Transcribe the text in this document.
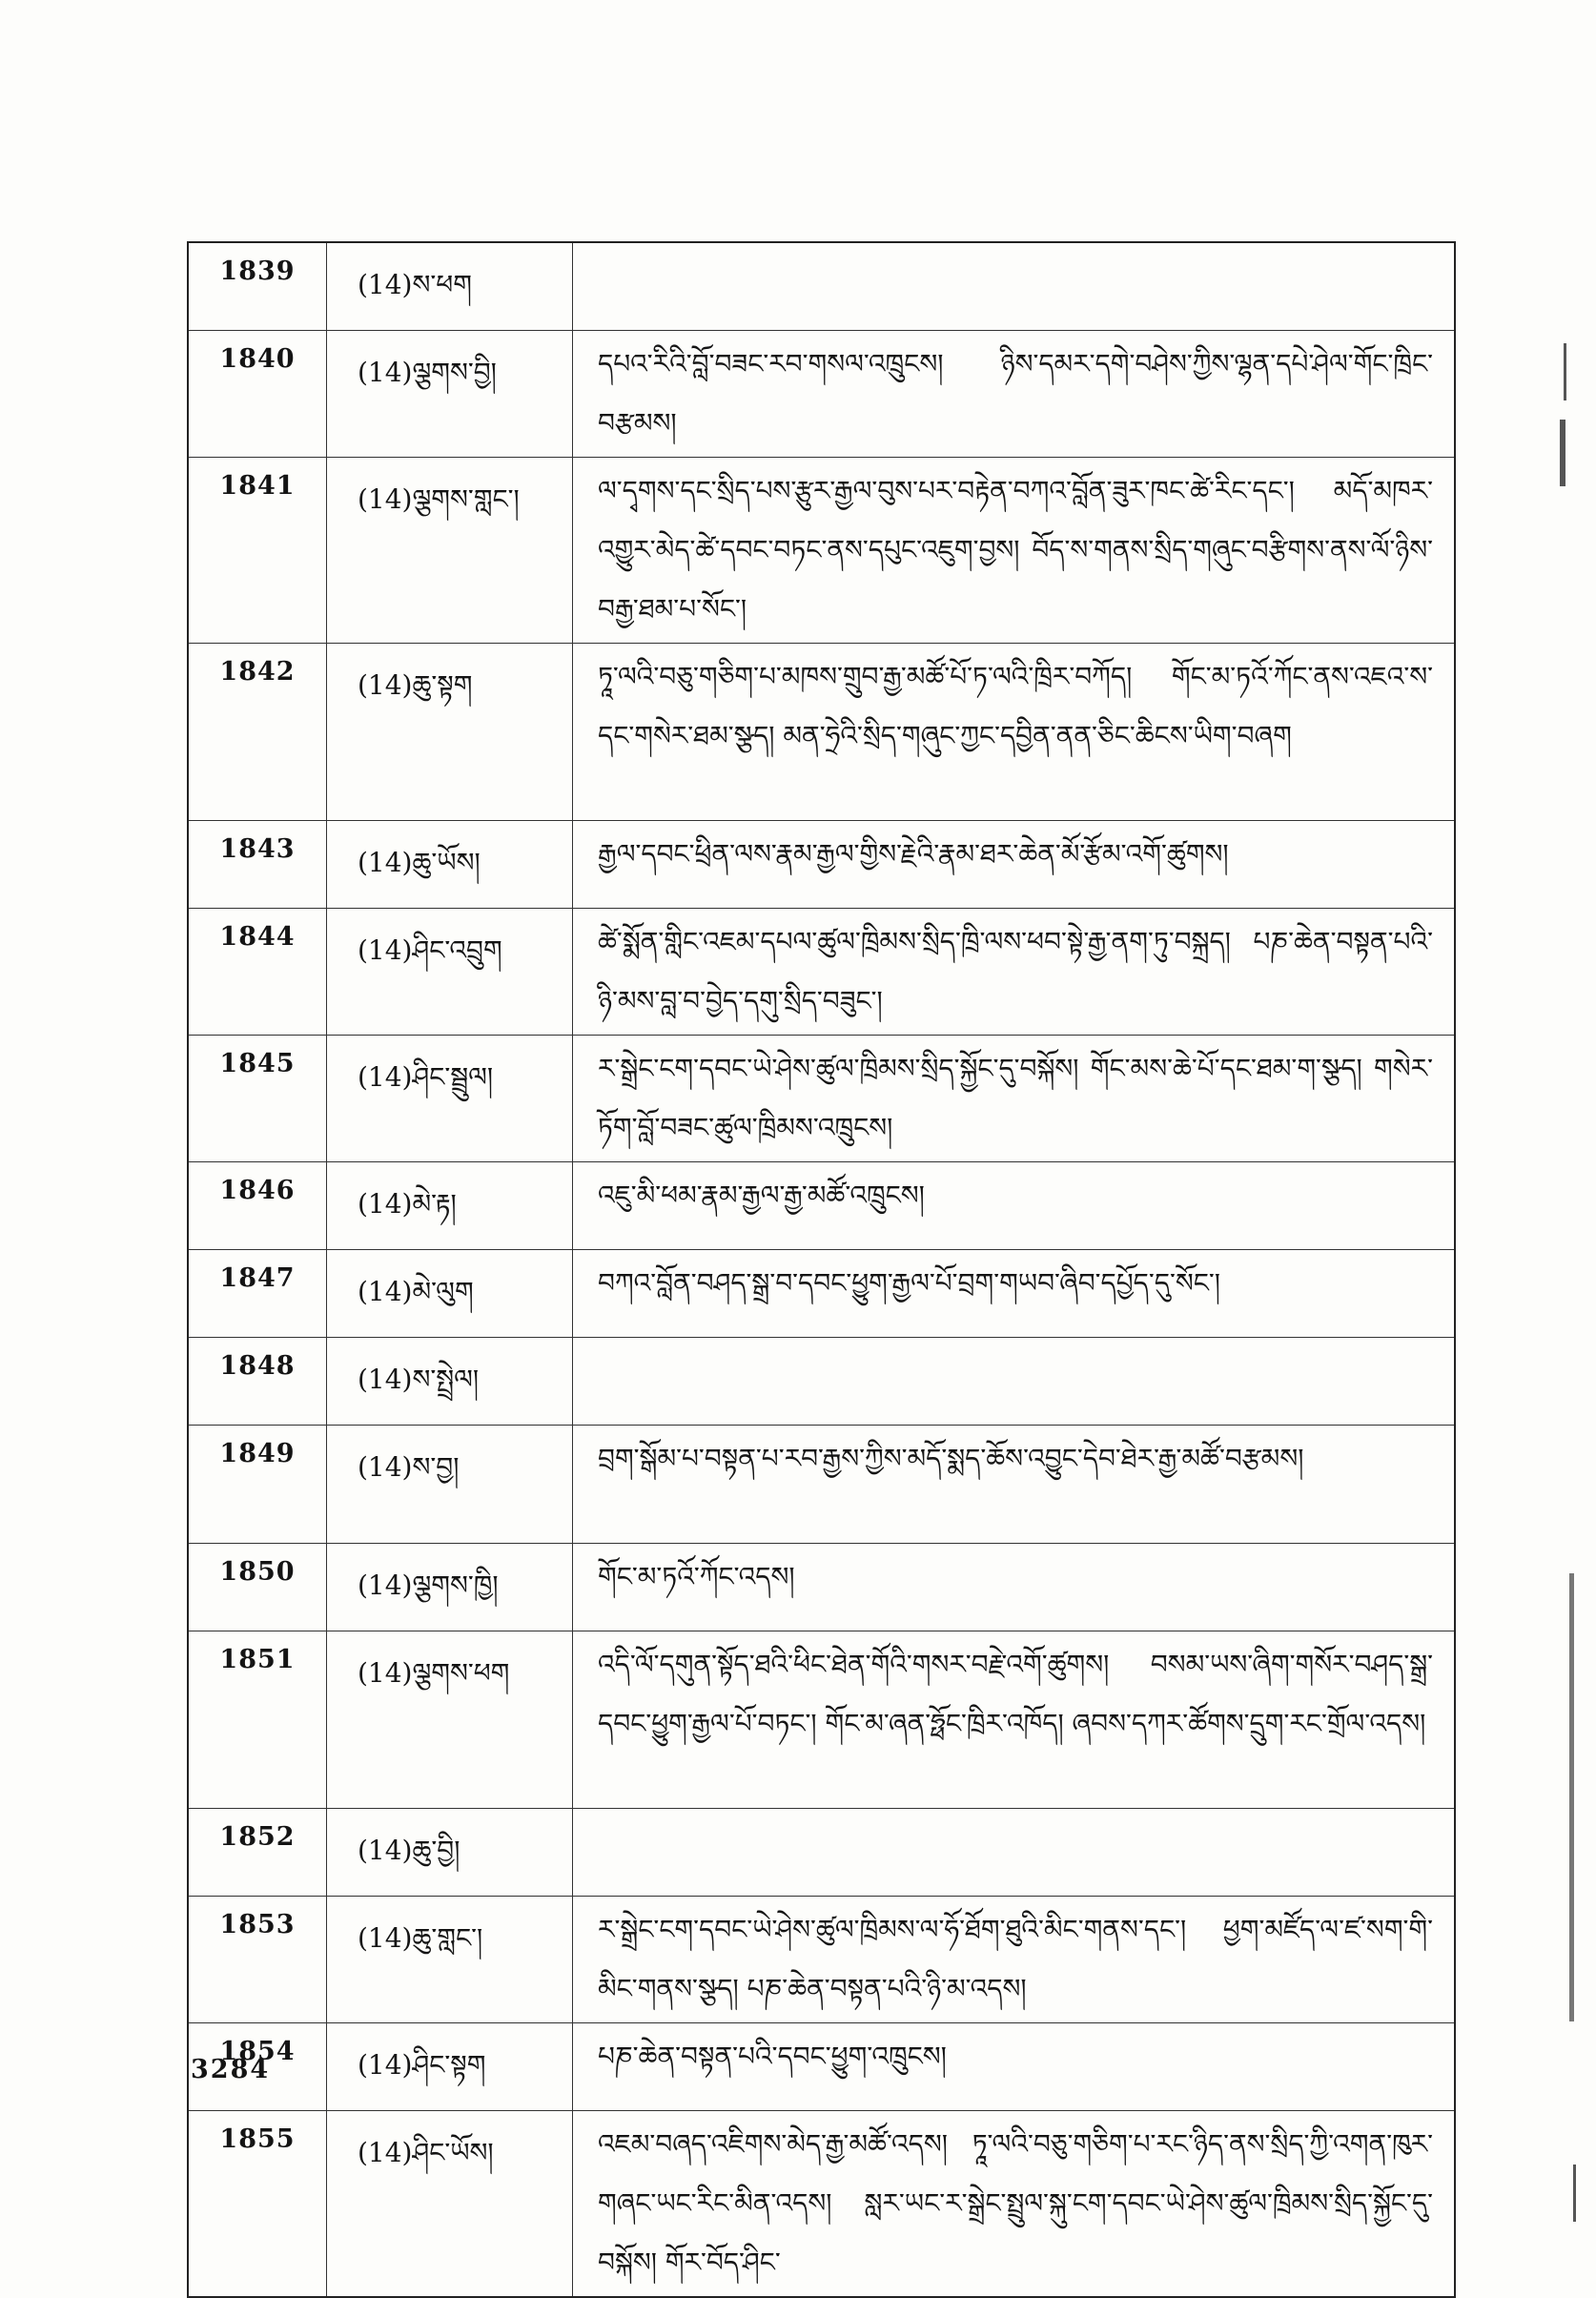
1839	(14)ས་ཕག	
1840	(14)ལྕགས་བྱི།	དཔའ་རིའི་བློ་བཟང་རབ་གསལ་འཁྲུངས། ཉིས་དམར་དགེ་བཤེས་ཀྱིས་ལྷན་དཔེ་ཤེལ་གོང་ཁྲིང་བརྩམས།
1841	(14)ལྕགས་གླང་།	ལ་དྭགས་དང་སྲིད་པས་རྩུར་རྒྱལ་བུས་པར་བརྟེན་བཀའ་བློན་ཟུར་ཁང་ཚེ་རིང་དང་། མདོ་མཁར་འགྱུར་མེད་ཚེ་དབང་བཏང་ནས་དཔུང་འཇུག་བྱས། བོད་ས་གནས་སྲིད་གཞུང་བརྩིགས་ནས་ལོ་ཉིས་བརྒྱ་ཐམ་པ་སོང་།
1842	(14)ཆུ་སྟག	ཏཱ་ལའི་བཅུ་གཅིག་པ་མཁས་གྲུབ་རྒྱ་མཚོ་པོ་ཏ་ལའི་ཁྲིར་བཀོད། གོང་མ་ཏའོ་ཀོང་ནས་འཇའ་ས་དང་གསེར་ཐམ་སྩད། མན་ཧྲེའི་སྲིད་གཞུང་ཀྱང་དབྱིན་ནན་ཅིང་ཆིངས་ཡིག་བཞག
1843	(14)ཆུ་ཡོས།	རྒྱལ་དབང་ཕྲིན་ལས་རྣམ་རྒྱལ་གྱིས་རྗེའི་རྣམ་ཐར་ཆེན་མོ་རྩོམ་འགོ་ཚུགས།
1844	(14)ཤིང་འབྲུག	ཚེ་སྨོན་གླིང་འཇམ་དཔལ་ཚུལ་ཁྲིམས་སྲིད་ཁྲི་ལས་ཕབ་སྟེ་རྒྱ་ནག་ཏུ་བསྐྲད། པཎ་ཆེན་བསྟན་པའི་ཉི་མས་བླ་བ་བྱེད་དགུ་སྲིད་བཟུང་།
1845	(14)ཤིང་སྦྲུལ།	ར་སྒྲེང་ངག་དབང་ཡེ་ཤེས་ཚུལ་ཁྲིམས་སྲིད་སྐྱོང་དུ་བསྐོས། གོང་མས་ཆེ་པོ་དང་ཐམ་ག་སྩད། གསེར་ཏོག་བློ་བཟང་ཚུལ་ཁྲིམས་འཁྲུངས།
1846	(14)མེ་རྟ།	འཇུ་མི་ཕམ་རྣམ་རྒྱལ་རྒྱ་མཚོ་འཁྲུངས།
1847	(14)མེ་ལུག	བཀའ་བློན་བཤད་སྒྲ་བ་དབང་ཕྱུག་རྒྱལ་པོ་བྲག་གཡབ་ཞིབ་དཔྱོད་དུ་སོང་།
1848	(14)ས་སྤྲེལ།	
1849	(14)ས་བྱ།	བྲག་སྒོམ་པ་བསྟན་པ་རབ་རྒྱས་ཀྱིས་མདོ་སྨད་ཆོས་འབྱུང་དེབ་ཐེར་རྒྱ་མཚོ་བརྩམས།
1850	(14)ལྕགས་ཁྱི།	གོང་མ་ཏའོ་ཀོང་འདས།
1851	(14)ལྕགས་ཕག	འདི་ལོ་དགུན་སྟོད་ཐའི་ཕིང་ཐེན་གོའི་གསར་བརྗེ་འགོ་ཚུགས། བསམ་ཡས་ཞིག་གསོར་བཤད་སྒྲ་དབང་ཕྱུག་རྒྱལ་པོ་བཏང་། གོང་མ་ཞན་ཧྥོང་ཁྲིར་འཁོད། ཞབས་དཀར་ཚོགས་དྲུག་རང་གྲོལ་འདས།
1852	(14)ཆུ་བྱི།	
1853	(14)ཆུ་གླང་།	ར་སྒྲེང་ངག་དབང་ཡེ་ཤེས་ཚུལ་ཁྲིམས་ལ་ཧོ་ཐོག་ཐུའི་མིང་གནས་དང་། ཕྱག་མཛོད་ལ་ཛ་སག་གི་མིང་གནས་སྩད། པཎ་ཆེན་བསྟན་པའི་ཉི་མ་འདས།
1854	(14)ཤིང་སྟག	པཎ་ཆེན་བསྟན་པའི་དབང་ཕྱུག་འཁྲུངས།
1855	(14)ཤིང་ཡོས།	འཇམ་བཞད་འཇིགས་མེད་རྒྱ་མཚོ་འདས། ཏཱ་ལའི་བཅུ་གཅིག་པ་རང་ཉིད་ནས་སྲིད་ཀྱི་འགན་ཁུར་གཞང་ཡང་རིང་མིན་འདས། སླར་ཡང་ར་སྒྲེང་སྤྲུལ་སྐུ་ངག་དབང་ཡེ་ཤེས་ཚུལ་ཁྲིམས་སྲིད་སྐྱོང་དུ་བསྐོས། གོར་བོད་ཤིང་
3284
